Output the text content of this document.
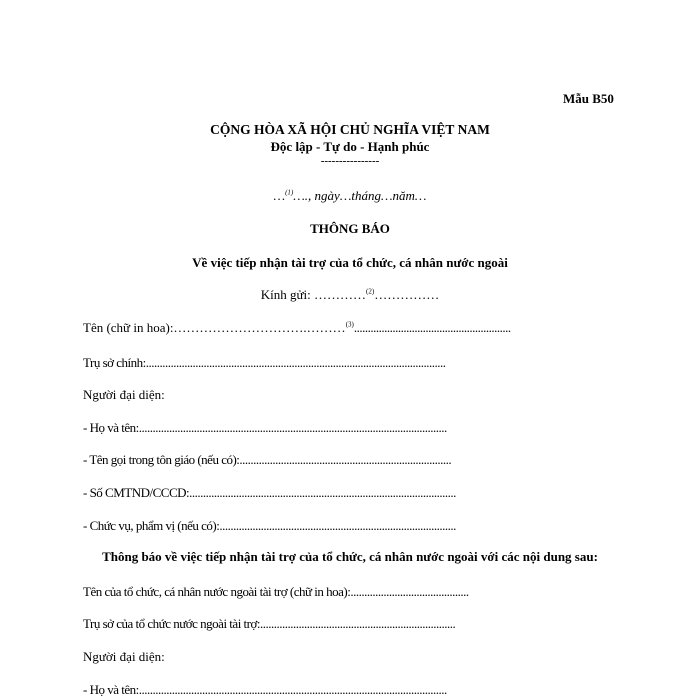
Mẫu B50
CỘNG HÒA XÃ HỘI CHỦ NGHĨA VIỆT NAM
Độc lập - Tự do - Hạnh phúc
----------------
…$^{(1)}$…., ngày…tháng…năm…
THÔNG BÁO
Về việc tiếp nhận tài trợ của tổ chức, cá nhân nước ngoài
Kính gửi: …………$^{(2)}$……………
Tên (chữ in hoa):………………………….………$^{(3)}$.........................................................
Trụ sở chính:.............................................................................................................
Người đại diện:
- Họ và tên:................................................................................................................
- Tên gọi trong tôn giáo (nếu có):.............................................................................
- Số CMTND/CCCD:.................................................................................................
- Chức vụ, phẩm vị (nếu có):......................................................................................
Thông báo về việc tiếp nhận tài trợ của tổ chức, cá nhân nước ngoài với các nội dung sau:
Tên của tổ chức, cá nhân nước ngoài tài trợ (chữ in hoa):...........................................
Trụ sở của tổ chức nước ngoài tài trợ:.......................................................................
Người đại diện:
- Họ và tên:................................................................................................................
